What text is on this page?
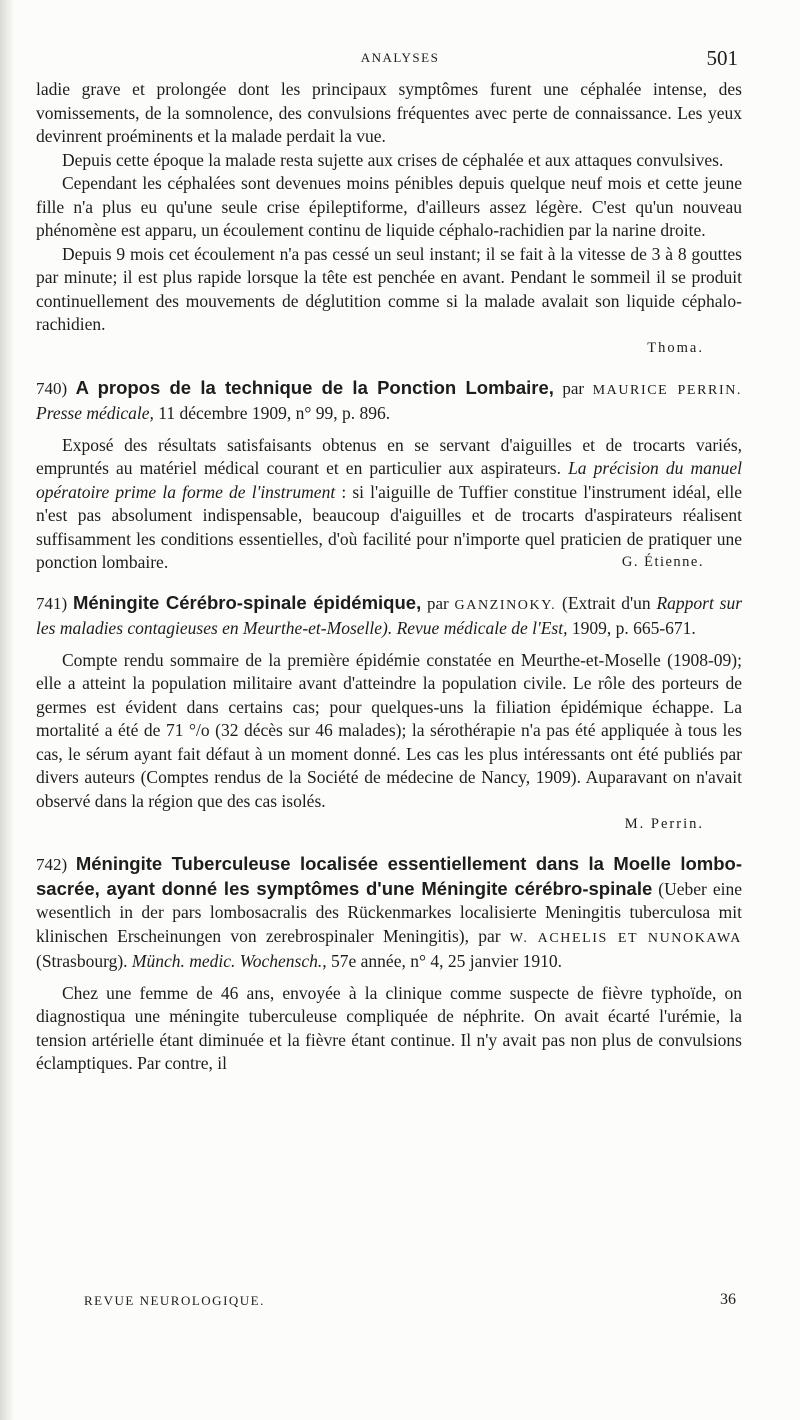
ANALYSES	501

ladie grave et prolongée dont les principaux symptômes furent une céphalée intense, des vomissements, de la somnolence, des convulsions fréquentes avec perte de connaissance. Les yeux devinrent proéminents et la malade perdait la vue.

Depuis cette époque la malade resta sujette aux crises de céphalée et aux attaques convulsives.

Cependant les céphalées sont devenues moins pénibles depuis quelque neuf mois et cette jeune fille n'a plus eu qu'une seule crise épileptiforme, d'ailleurs assez légère. C'est qu'un nouveau phénomène est apparu, un écoulement continu de liquide céphalo-rachidien par la narine droite.

Depuis 9 mois cet écoulement n'a pas cessé un seul instant; il se fait à la vitesse de 3 à 8 gouttes par minute; il est plus rapide lorsque la tête est penchée en avant. Pendant le sommeil il se produit continuellement des mouvements de déglutition comme si la malade avalait son liquide céphalo-rachidien.

Thoma.
740) A propos de la technique de la Ponction Lombaire, par MAURICE PERRIN. Presse médicale, 11 décembre 1909, n° 99, p. 896.

Exposé des résultats satisfaisants obtenus en se servant d'aiguilles et de trocarts variés, empruntés au matériel médical courant et en particulier aux aspirateurs. La précision du manuel opératoire prime la forme de l'instrument : si l'aiguille de Tuffier constitue l'instrument idéal, elle n'est pas absolument indispensable, beaucoup d'aiguilles et de trocarts d'aspirateurs réalisent suffisamment les conditions essentielles, d'où facilité pour n'importe quel praticien de pratiquer une ponction lombaire.	G. Étienne.

741) Méningite Cérébro-spinale épidémique, par GANZINOKY. (Extrait d'un Rapport sur les maladies contagieuses en Meurthe-et-Moselle). Revue médicale de l'Est, 1909, p. 665-671.

Compte rendu sommaire de la première épidémie constatée en Meurthe-et-Moselle (1908-09); elle a atteint la population militaire avant d'atteindre la population civile. Le rôle des porteurs de germes est évident dans certains cas; pour quelques-uns la filiation épidémique échappe. La mortalité a été de 71 °/o (32 décès sur 46 malades); la sérothérapie n'a pas été appliquée à tous les cas, le sérum ayant fait défaut à un moment donné. Les cas les plus intéressants ont été publiés par divers auteurs (Comptes rendus de la Société de médecine de Nancy, 1909). Auparavant on n'avait observé dans la région que des cas isolés.

M. Perrin.
742) Méningite Tuberculeuse localisée essentiellement dans la Moelle lombo-sacrée, ayant donné les symptômes d'une Méningite cérébro-spinale (Ueber eine wesentlich in der pars lombosacralis des Rückenmarkes localisierte Meningitis tuberculosa mit klinischen Erscheinungen von zerebrospinaler Meningitis), par W. ACHELIS ET NUNOKAWA (Strasbourg). Münch. medic. Wochensch., 57e année, n° 4, 25 janvier 1910.

Chez une femme de 46 ans, envoyée à la clinique comme suspecte de fièvre typhoïde, on diagnostiqua une méningite tuberculeuse compliquée de néphrite. On avait écarté l'urémie, la tension artérielle étant diminuée et la fièvre étant continue. Il n'y avait pas non plus de convulsions éclamptiques. Par contre, il

REVUE NEUROLOGIQUE.	36
